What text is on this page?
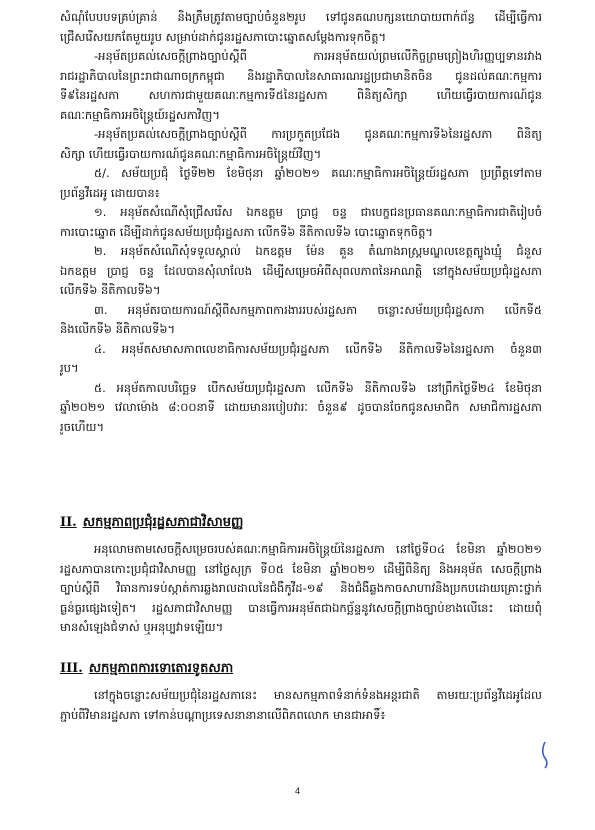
សំណុំបែបបទគ្រប់គ្រាន់ និងត្រឹមត្រូវតាមច្បាប់ចំនួន២រូប ទៅជូនគណបក្សនយោបាយពាក់ព័ន្ធ ដើម្បីធ្វើការ
ជ្រើសរើសយកតែមួយរូប សម្រាប់ដាក់ជូនរដ្ឋសភាបោះឆ្នោតសម្តែងការទុកចិត្ត។
-អនុម័តប្រគល់សេចក្តីព្រាងច្បាប់ស្តីពី ការអនុម័តយល់ព្រមលើកិច្ចព្រមព្រៀងហិរញ្ញប្បទានរវាង
រាជរដ្ឋាភិបាលនៃព្រះរាជាណាចក្រកម្ពុជា និងរដ្ឋាភិបាលនៃសាធារណរដ្ឋប្រជាមានិតចិន ជូនដល់គណៈកម្មការ
ទី៩នៃរដ្ឋសភា សហការជាមួយគណៈកម្មការទី៥នៃរដ្ឋសភា ពិនិត្យសិក្សា ហើយធ្វើរបាយការណ៍ជូន
គណៈកម្មាធិការអចិន្ត្រៃយ៍រដ្ឋសភាវិញ។
-អនុម័តប្រគល់សេចក្តីព្រាងច្បាប់ស្តីពី ការប្រកួតប្រជែង ជូនគណៈកម្មការទី៦នៃរដ្ឋសភា ពិនិត្យ
សិក្សា ហើយធ្វើរបាយការណ៍ជូនគណៈកម្មាធិការអចិន្ត្រៃយ៍វិញ។
៥/. សម័យប្រជុំ ថ្ងៃទី២២ ខែមិថុនា ឆ្នាំ២០២១ គណៈកម្មាធិការអចិន្ត្រៃយ៍រដ្ឋសភា ប្រព្រឹត្តទៅតាម
ប្រព័ន្ធវីដេអូ ដោយបាន៖
១. អនុម័តសំណើសុំជ្រើសរើស ឯកឧត្តម ប្រាជ្ញ ចន្ទ ជាបេក្ខជនប្រធានគណៈកម្មាធិការជាតិរៀបចំ
ការបោះឆ្នោត ដើម្បីដាក់ជូនសម័យប្រជុំរដ្ឋសភា លើកទី៦ នីតិកាលទី៦ បោះឆ្នោតទុកចិត្ត។
២. អនុម័តសំណើសុំទទួលស្គាល់ ឯកឧត្តម ម៉ែន គួន តំណាងរាស្ត្រមណ្ឌលខេត្តត្បូងឃ្មុំ ជំនួស
ឯកឧត្តម ប្រាជ្ញ ចន្ទ ដែលបានសុំលាលែង ដើម្បីសម្រេចអំពីសុពលភាពនៃអាណត្តិ នៅក្នុងសម័យប្រជុំរដ្ឋសភា
លើកទី៦ នីតិកាលទី៦។
៣. អនុម័តរបាយការណ៍ស្តីពីសកម្មភាពការងាររបស់រដ្ឋសភា ចន្លោះសម័យប្រជុំរដ្ឋសភា លើកទី៥
និងលើកទី៦ នីតិកាលទី៦។
៤. អនុម័តសមាសភាពលេខាធិការសម័យប្រជុំរដ្ឋសភា លើកទី៦ នីតិកាលទី៦នៃរដ្ឋសភា ចំនួន៣
រូប។
៥. អនុម័តកាលបរិច្ឆេទ បើកសម័យប្រជុំរដ្ឋសភា លើកទី៦ នីតិកាលទី៦ នៅព្រឹកថ្ងៃទី២៤ ខែមិថុនា
ឆ្នាំ២០២១ វេលាម៉ោង ៨:០០នាទី ដោយមានរបៀបវារៈ ចំនួន៩ ដូចបានចែកជូនសមាជិក សមាជិការដ្ឋសភា
រួចហើយ។
II. សកម្មភាពប្រជុំរដ្ឋសភាជាវិសាមញ្ញ
អនុលោមតាមសេចក្តីសម្រេចរបស់គណៈកម្មាធិការអចិន្ត្រៃយ៍នៃរដ្ឋសភា នៅថ្ងៃទី០៤ ខែមិនា ឆ្នាំ២០២១
រដ្ឋសភាបានកោះប្រជុំជាវិសាមញ្ញ នៅថ្ងៃសុក្រ ទី០៥ ខែមិនា ឆ្នាំ២០២១ ដើម្បីពិនិត្យ និងអនុម័ត សេចក្តីព្រាង
ច្បាប់ស្តីពី វិធានការទប់ស្កាត់ការឆ្លងរាលដាលនៃជំងឺកូវីដ-១៩ និងជំងឺឆ្លងកាចសាហាវនិងប្រកបដោយគ្រោះថ្នាក់
ធ្ងន់ធ្ងរផ្សេងទៀត។ រដ្ឋសភាជាវិសាមញ្ញ បានធ្វើការអនុម័តជាឯកច្ឆ័ន្ទនូវសេចក្តីព្រាងច្បាប់ខាងលើនេះ ដោយពុំ
មានសំឡេងជំទាស់ ឬអនុប្បវាទឡើយ។
III. សកម្មភាពការទោតោរទូតសភា
នៅក្នុងចន្លោះសម័យប្រជុំនៃរដ្ឋសភានេះ មានសកម្មភាពទំនាក់ទំនងអន្តរជាតិ តាមរយៈប្រព័ន្ធវីដេអូដែល
ភ្ជាប់ពីវិមានរដ្ឋសភា ទៅកាន់បណ្តាប្រទេសនានានាលើពិភពលោក មានជាអាទិ៍៖
4
